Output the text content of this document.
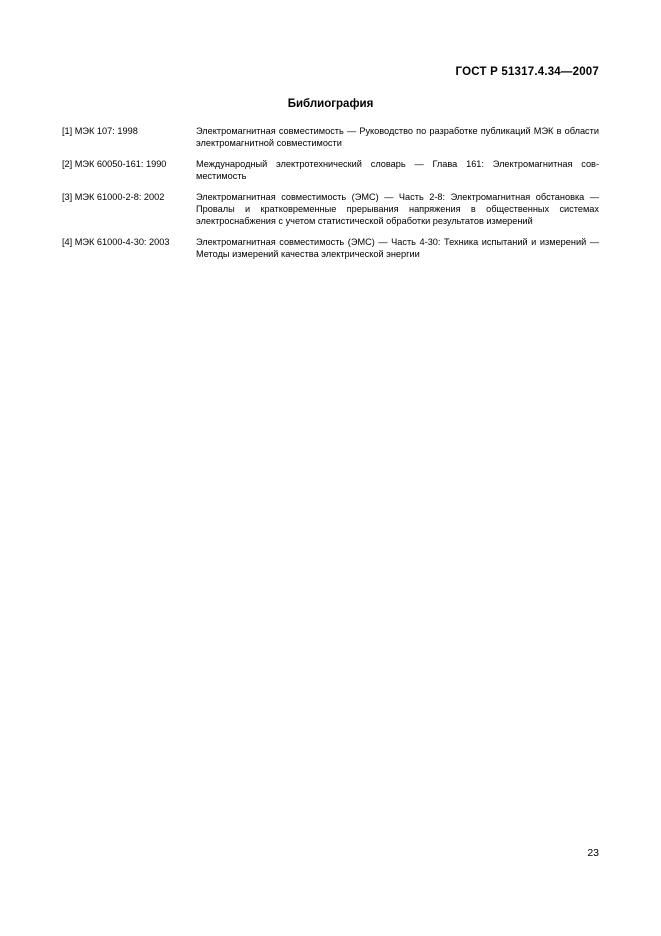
ГОСТ Р 51317.4.34—2007
Библиография
[1] МЭК 107: 1998	Электромагнитная совместимость — Руководство по разработке публикаций МЭК в области электромагнитной совместимости
[2] МЭК 60050-161: 1990	Международный электротехнический словарь — Глава 161: Электромагнитная совместимость
[3] МЭК 61000-2-8: 2002	Электромагнитная совместимость (ЭМС) — Часть 2-8: Электромагнитная обстановка — Провалы и кратковременные прерывания напряжения в общественных системах электроснабжения с учетом статистической обработки результатов измерений
[4] МЭК 61000-4-30: 2003	Электромагнитная совместимость (ЭМС) — Часть 4-30: Техника испытаний и измерений — Методы измерений качества электрической энергии
23
